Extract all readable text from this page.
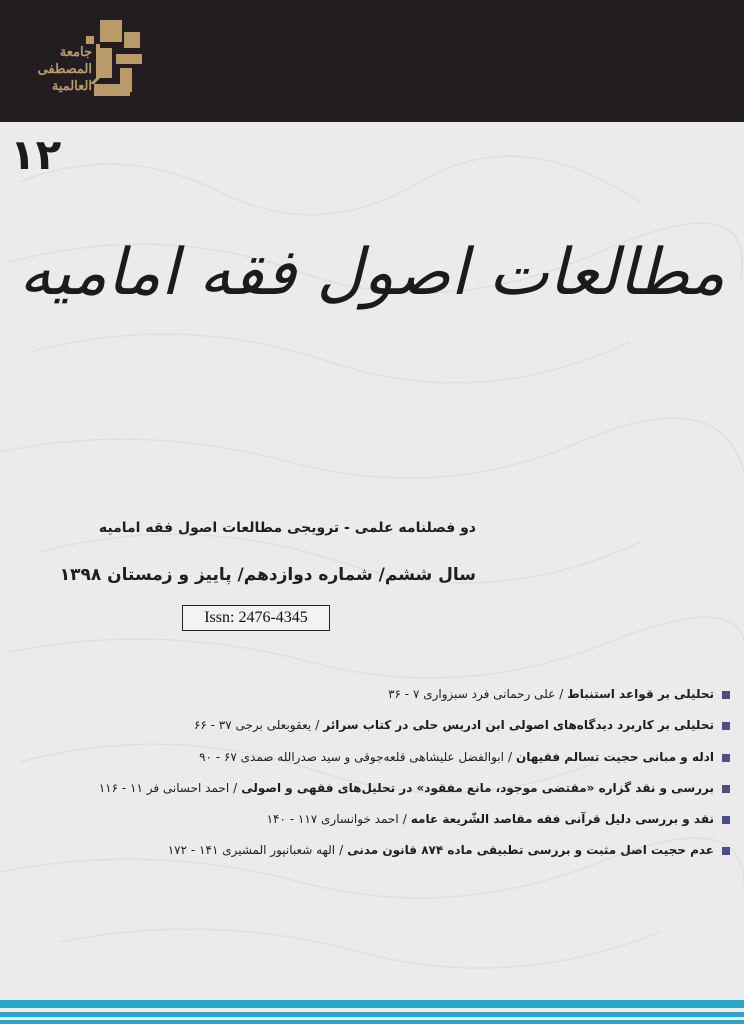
جامعة
المصطفى
العالمية
۱۲
مطالعات اصول فقه امامیه
دو فصلنامه علمی - ترویجی مطالعات اصول فقه امامیه
سال ششم/ شماره دوازدهم/ پاییز و زمستان ۱۳۹۸
Issn: 2476-4345
تحلیلی بر قواعد استنباط/علی رحمانی فرد سبزواری ۷ - ۳۶
تحلیلی بر کاربرد دیدگاه‌های اصولی ابن ادریس حلی در کتاب سرائر/یعقوبعلی برجی ۳۷ - ۶۶
ادله و مبانی حجیت تسالم فقیهان/ابوالفضل علیشاهی قلعه‌جوقی و سید صدرالله صمدی ۶۷ - ۹۰
بررسی و نقد گزاره «مقتضی موجود، مانع مفقود» در تحلیل‌های فقهی و اصولی/احمد احسانی فر ۱۱ - ۱۱۶
نقد و بررسی دلیل قرآنی فقه مقاصد الشّریعة عامه/احمد خوانساری ۱۱۷ - ۱۴۰
عدم حجیت اصل مثبت و بررسی تطبیقی ماده ۸۷۴ قانون مدنی/الهه شعبانپور المشیری ۱۴۱ - ۱۷۲
